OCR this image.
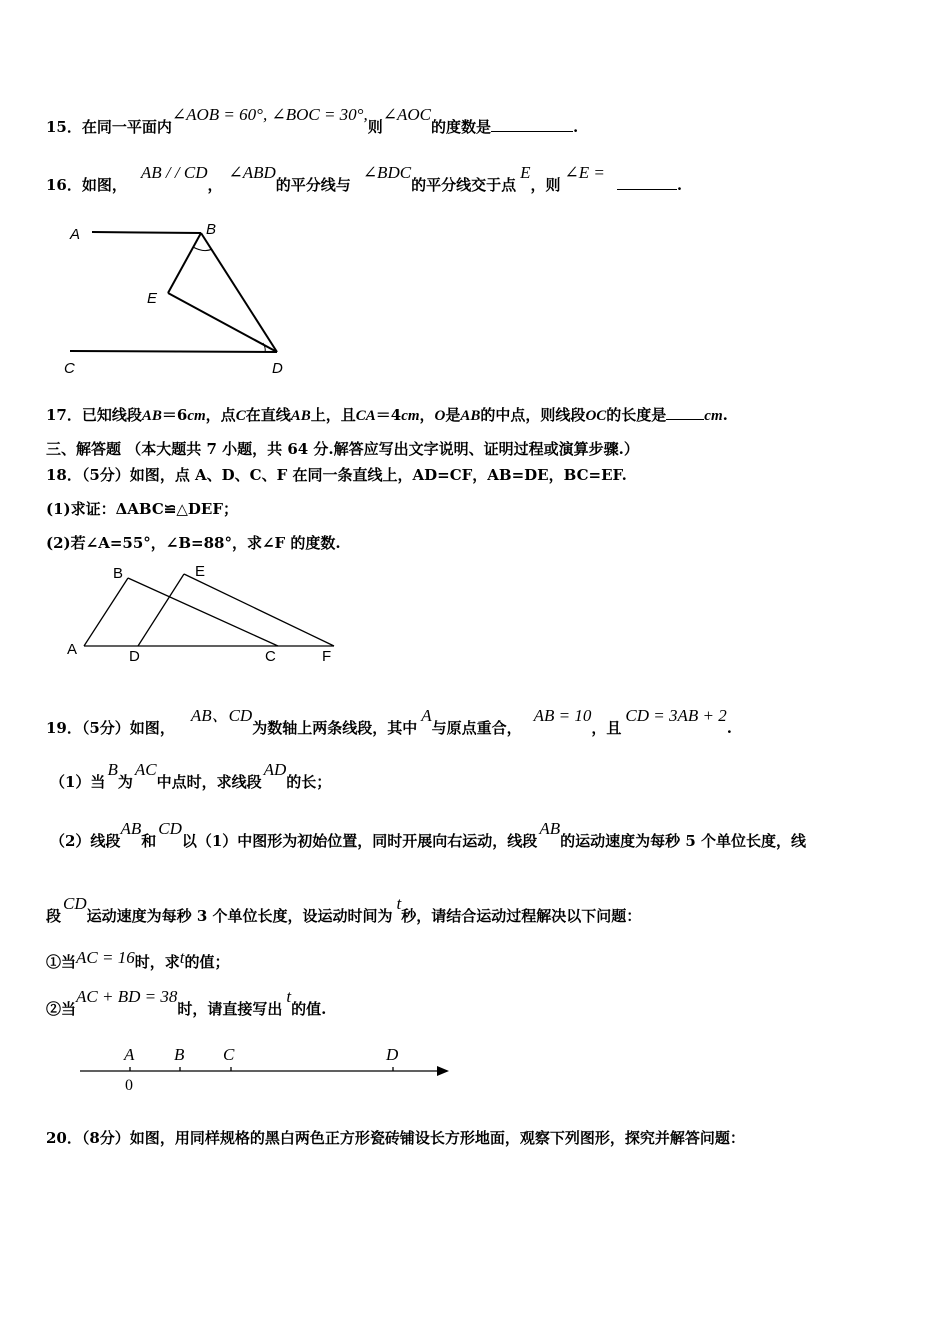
15．在同一平面内∠AOB = 60°, ∠BOC = 30°,则∠AOC的度数是	.
16．如图，AB / / CD，∠ABD的平分线与∠BDC的平分线交于点E，则∠E =.
A	B
E
C	D
17．已知线段AB＝6cm，点C在直线AB上，且CA＝4cm，O是AB的中点，则线段OC的长度是	cm.
三、解答题 （本大题共 7 小题，共 64 分.解答应写出文字说明、证明过程或演算步骤.）
18．（5分）如图，点 A、D、C、F 在同一条直线上，AD=CF，AB=DE，BC=EF.
(1)求证：ΔABC≌△DEF；
(2)若∠A=55°，∠B=88°，求∠F 的度数.
B	E
A	D	C	F
19．（5分）如图，AB、CD为数轴上两条线段，其中A与原点重合，AB = 10，且CD = 3AB + 2.
（1）当B为AC中点时，求线段AD的长；
（2）线段AB和CD以（1）中图形为初始位置，同时开展向右运动，线段AB的运动速度为每秒 5 个单位长度，线
段CD运动速度为每秒 3 个单位长度，设运动时间为t秒，请结合运动过程解决以下问题：
①当AC = 16时，求t的值；
②当AC + BD = 38时，请直接写出t的值.
A B C	D
0
20．（8分）如图，用同样规格的黑白两色正方形瓷砖铺设长方形地面，观察下列图形，探究并解答问题：
